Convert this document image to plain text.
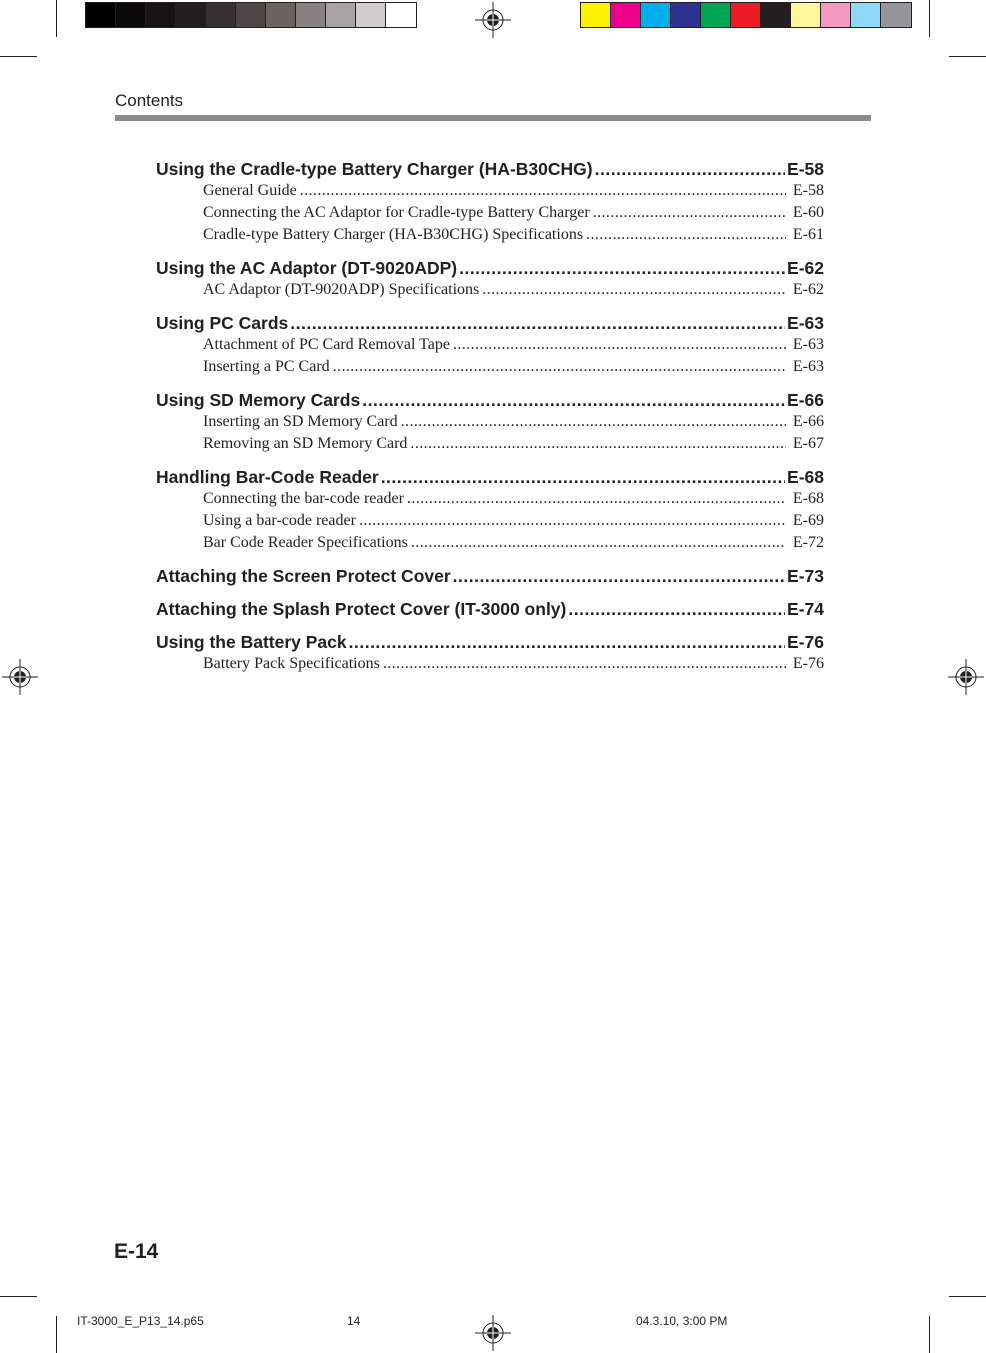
Contents
Using the Cradle-type Battery Charger (HA-B30CHG) .....	E-58
General Guide .....	E-58
Connecting the AC Adaptor for Cradle-type Battery Charger .....	E-60
Cradle-type Battery Charger (HA-B30CHG) Specifications .....	E-61
Using the AC Adaptor (DT-9020ADP) .....	E-62
AC Adaptor (DT-9020ADP) Specifications .....	E-62
Using PC Cards .....	E-63
Attachment of PC Card Removal Tape .....	E-63
Inserting a PC Card .....	E-63
Using SD Memory Cards .....	E-66
Inserting an SD Memory Card .....	E-66
Removing an SD Memory Card .....	E-67
Handling Bar-Code Reader .....	E-68
Connecting the bar-code reader .....	E-68
Using a bar-code reader .....	E-69
Bar Code Reader Specifications .....	E-72
Attaching the Screen Protect Cover .....	E-73
Attaching the Splash Protect Cover (IT-3000 only) .....	E-74
Using the Battery Pack .....	E-76
Battery Pack Specifications .....	E-76
E-14
IT-3000_E_P13_14.p65	14	04.3.10, 3:00 PM
